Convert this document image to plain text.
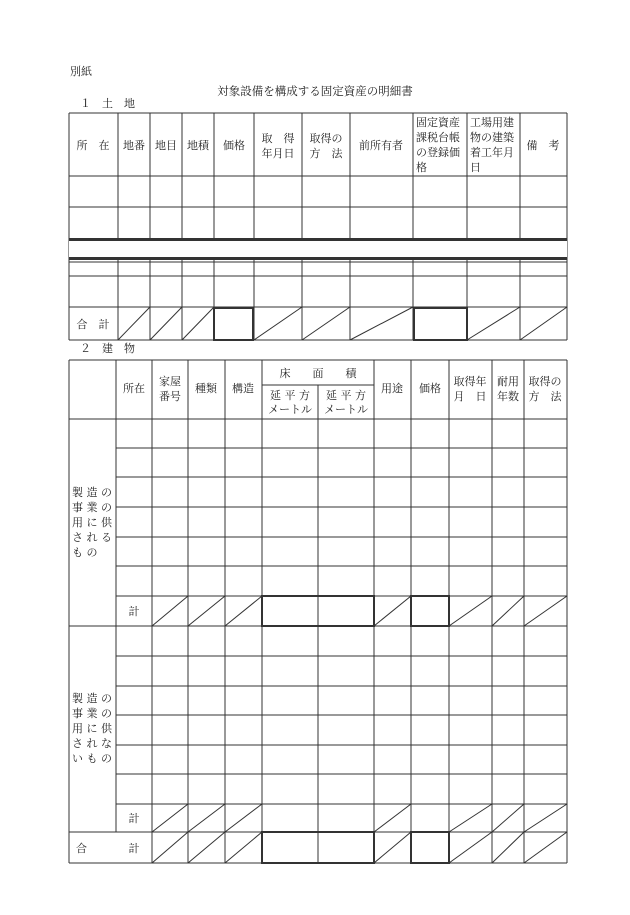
別紙
対象設備を構成する固定資産の明細書
１　土　地
２　建　物
所　在 地番 地目 地積 価格
取　得
年月日
取得の
方　法
前所有者
固定資産
課税台帳
の登録価
格
工場用建
物の建築
着工年月
日
備　考
合　計
所在
家屋
番号
種類 構造
床　　面　　積
延 平 方
メートル
延 平 方
メートル
用途 価格
取得年
月　日
耐用
年数
取得の
方　法
製 造 の
事 業 の
用 に 供
さ れ る
も の
製 造 の
事 業 の
用 に 供
さ れ な
い も の
計
計
合	計
